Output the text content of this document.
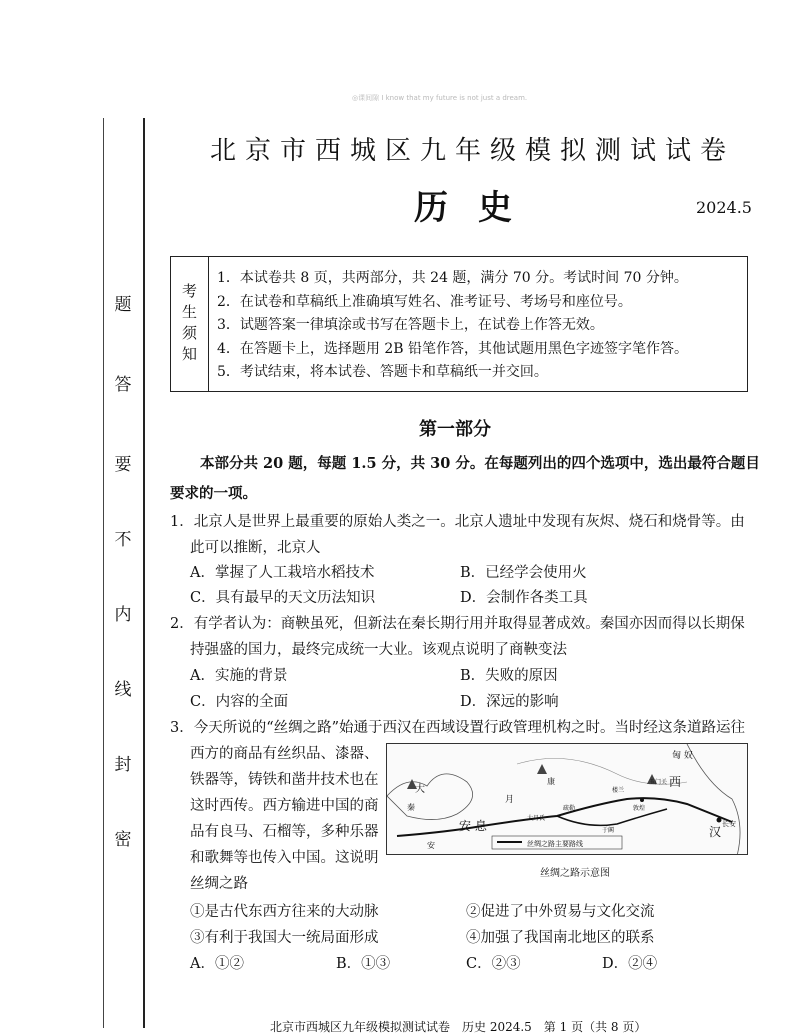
◎课间隙 I know that my future is not just a dream.
题
答
要
不
内
线
封
密
北京市西城区九年级模拟测试试卷
历史	2024.5
考
生
须
知
1．本试卷共 8 页，共两部分，共 24 题，满分 70 分。考试时间 70 分钟。
2．在试卷和草稿纸上准确填写姓名、准考证号、考场号和座位号。
3．试题答案一律填涂或书写在答题卡上，在试卷上作答无效。
4．在答题卡上，选择题用 2B 铅笔作答，其他试题用黑色字迹签字笔作答。
5．考试结束，将本试卷、答题卡和草稿纸一并交回。
第一部分
本部分共 20 题，每题 1.5 分，共 30 分。在每题列出的四个选项中，选出最符合题目
要求的一项。
1．北京人是世界上最重要的原始人类之一。北京人遗址中发现有灰烬、烧石和烧骨等。由
此可以推断，北京人
A．掌握了人工栽培水稻技术	B．已经学会使用火
C．具有最早的天文历法知识	D．会制作各类工具
2．有学者认为：商鞅虽死，但新法在秦长期行用并取得显著成效。秦国亦因而得以长期保
持强盛的国力，最终完成统一大业。该观点说明了商鞅变法
A．实施的背景	B．失败的原因
C．内容的全面	D．深远的影响
3．今天所说的“丝绸之路”始通于西汉在西域设置行政管理机构之时。当时经这条道路运往
西方的商品有丝织品、漆器、
铁器等，铸铁和凿井技术也在
这时西传。西方输进中国的商
品有良马、石榴等，多种乐器
和歌舞等也传入中国。这说明
丝绸之路
丝绸之路主要路线
匈 奴
西
汉
长安
安 息
大
安
月
玉门关
敦煌
疏勒
大月氏
于阗
康
楼兰
秦
丝绸之路示意图
①是古代东西方往来的大动脉	②促进了中外贸易与文化交流
③有利于我国大一统局面形成	④加强了我国南北地区的联系
A．①②	B．①③	C．②③	D．②④
北京市西城区九年级模拟测试试卷　历史 2024.5　第 1 页（共 8 页）
